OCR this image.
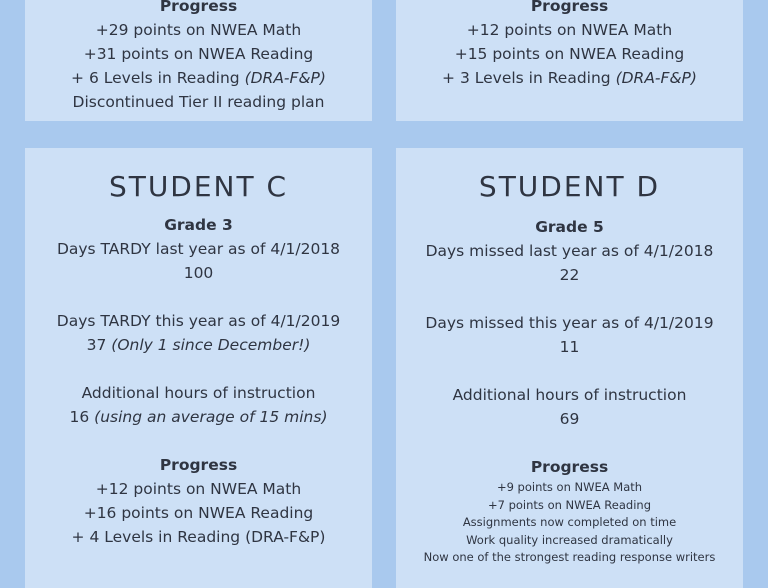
Progress
+29 points on NWEA Math
+31 points on NWEA Reading
+ 6 Levels in Reading (DRA-F&P)
Discontinued Tier II reading plan
Progress
+12 points on NWEA Math
+15 points on NWEA Reading
+ 3 Levels in Reading (DRA-F&P)
STUDENT C
Grade 3
Days TARDY last year as of 4/1/2018
100
Days TARDY this year as of 4/1/2019
37 (Only 1 since December!)
Additional hours of instruction
16 (using an average of 15 mins)
Progress
+12 points on NWEA Math
+16 points on NWEA Reading
+ 4 Levels in Reading (DRA-F&P)
STUDENT D
Grade 5
Days missed last year as of 4/1/2018
22
Days missed this year as of 4/1/2019
11
Additional hours of instruction
69
Progress
+9 points on NWEA Math
+7 points on NWEA Reading
Assignments now completed on time
Work quality increased dramatically
Now one of the strongest reading response writers
